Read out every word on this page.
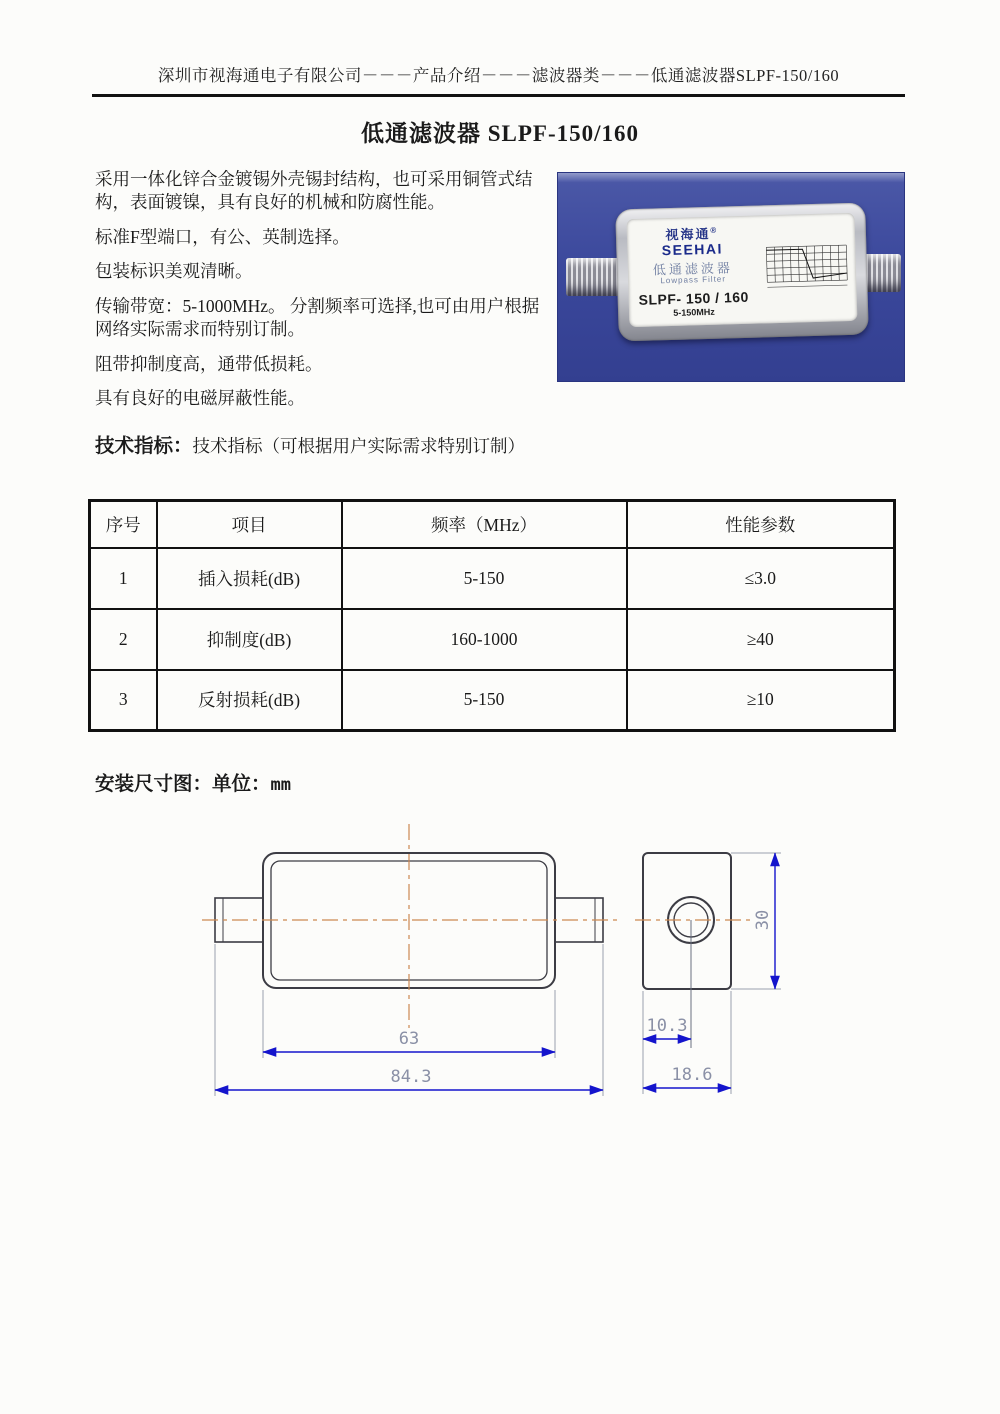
深圳市视海通电子有限公司－－－产品介绍－－－滤波器类－－－低通滤波器SLPF-150/160
低通滤波器 SLPF-150/160

采用一体化锌合金镀锡外壳锡封结构，也可采用铜管式结构，表面镀镍，具有良好的机械和防腐性能。

标准F型端口，有公、英制选择。

包装标识美观清晰。

传输带宽：5-1000MHz。 分割频率可选择,也可由用户根据网络实际需求而特别订制。

阻带抑制度高，通带低损耗。

具有良好的电磁屏蔽性能。

视海通®
SEEHAI
低通滤波器
Lowpass Filter
SLPF- 150 / 160
5-150MHz
技术指标：技术指标（可根据用户实际需求特别订制）
序号	项目	频率（MHz）	性能参数
1	插入损耗(dB)	5-150	≤3.0
2	抑制度(dB)	160-1000	≥40
3	反射损耗(dB)	5-150	≥10
安装尺寸图：单位：mm
63
84.3
30
10.3
18.6
